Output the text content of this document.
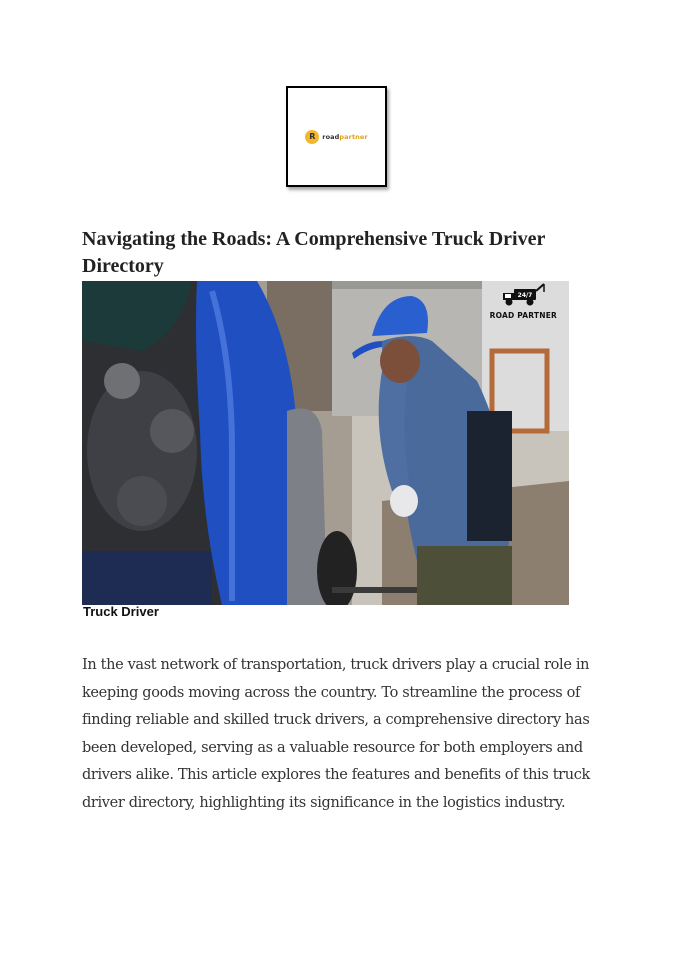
R roadpartner
Navigating the Roads: A Comprehensive Truck Driver Directory
24/7
ROAD PARTNER
Truck Driver

In the vast network of transportation, truck drivers play a crucial role in keeping goods moving across the country. To streamline the process of finding reliable and skilled truck drivers, a comprehensive directory has been developed, serving as a valuable resource for both employers and drivers alike. This article explores the features and benefits of this truck driver directory, highlighting its significance in the logistics industry.
